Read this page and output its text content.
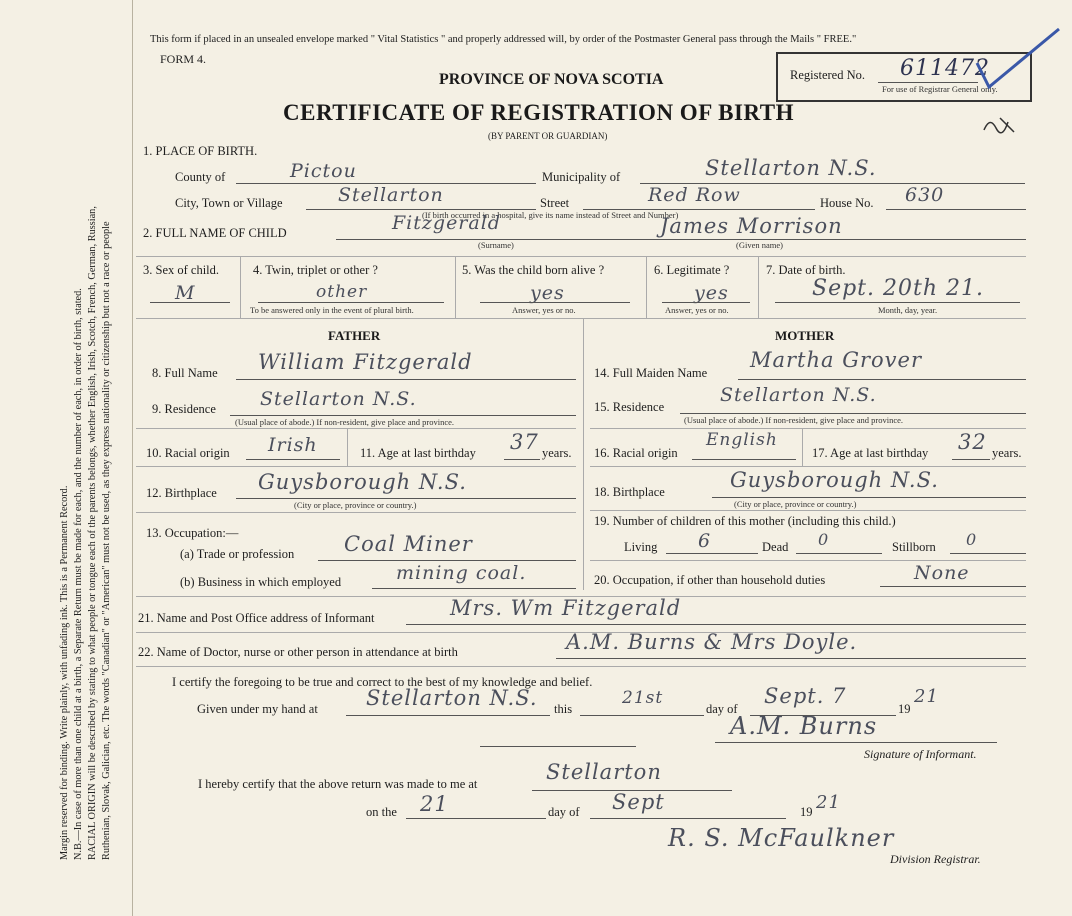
Margin reserved for binding. Write plainly, with unfading ink. This is a Permanent Record. N.B.—In case of more than one child at a birth, a Separate Return must be made for each, and the number of each, in order of birth, stated. RACIAL ORIGIN will be described by stating to what people or tongue each of the parents belongs, whether English, Irish, Scotch, French, German, Russian, Ruthenian, Slovak, Galician, etc. The words "Canadian" or "American" must not be used, as they express nationality or citizenship but not a race or people
This form if placed in an unsealed envelope marked " Vital Statistics " and properly addressed will, by order of the Postmaster General pass through the Mails " FREE."
FORM 4.
PROVINCE OF NOVA SCOTIA
CERTIFICATE OF REGISTRATION OF BIRTH
(BY PARENT OR GUARDIAN)
Registered No. 611472
For use of Registrar General only.
1. PLACE OF BIRTH.
County of	Pictou	Municipality of	Stellarton N.S.
City, Town or Village	Stellarton	Street	Red Row	House No. 630
(If birth occurred in a hospital, give its name instead of Street and Number)
2. FULL NAME OF CHILD	Fitzgerald
(Surname)
James Morrison
(Given name)
3. Sex of child.
M
4. Twin, triplet or other ?
other
To be answered only in the event of plural birth.
5. Was the child born alive ?
yes
Answer, yes or no.
6. Legitimate ?
yes
Answer, yes or no.
7. Date of birth.
Sept. 20th 21.
Month, day, year.
FATHER	MOTHER
8. Full Name William Fitzgerald
9. Residence Stellarton N.S.
(Usual place of abode.) If non-resident, give place and province.
10. Racial origin Irish	11. Age at last birthday 37 years.
12. Birthplace Guysborough N.S.
(City or place, province or country.)
13. Occupation:—
(a) Trade or profession Coal Miner
(b) Business in which employed	mining coal.
14. Full Maiden Name
Martha Grover
15. Residence
Stellarton N.S.
(Usual place of abode.) If non-resident, give place and province.
16. Racial origin
English
17. Age at last birthday 32 years.
18. Birthplace	Guysborough N.S.
(City or place, province or country.)
19. Number of children of this mother (including this child.)
Living 6	Dead 0	Stillborn 0
20. Occupation, if other than household duties	None
21. Name and Post Office address of Informant	Mrs. Wm Fitzgerald
22. Name of Doctor, nurse or other person in attendance at birth	A.M. Burns & Mrs Doyle.
I certify the foregoing to be true and correct to the best of my knowledge and belief.
Given under my hand at Stellarton N.S. this
21st
day of
Sept. 7
19
21
A.M. Burns
Signature of Informant.
I hereby certify that the above return was made to me at	Stellarton
on the 21	day of Sept	19 21
R. S. McFaulkner
Division Registrar.
